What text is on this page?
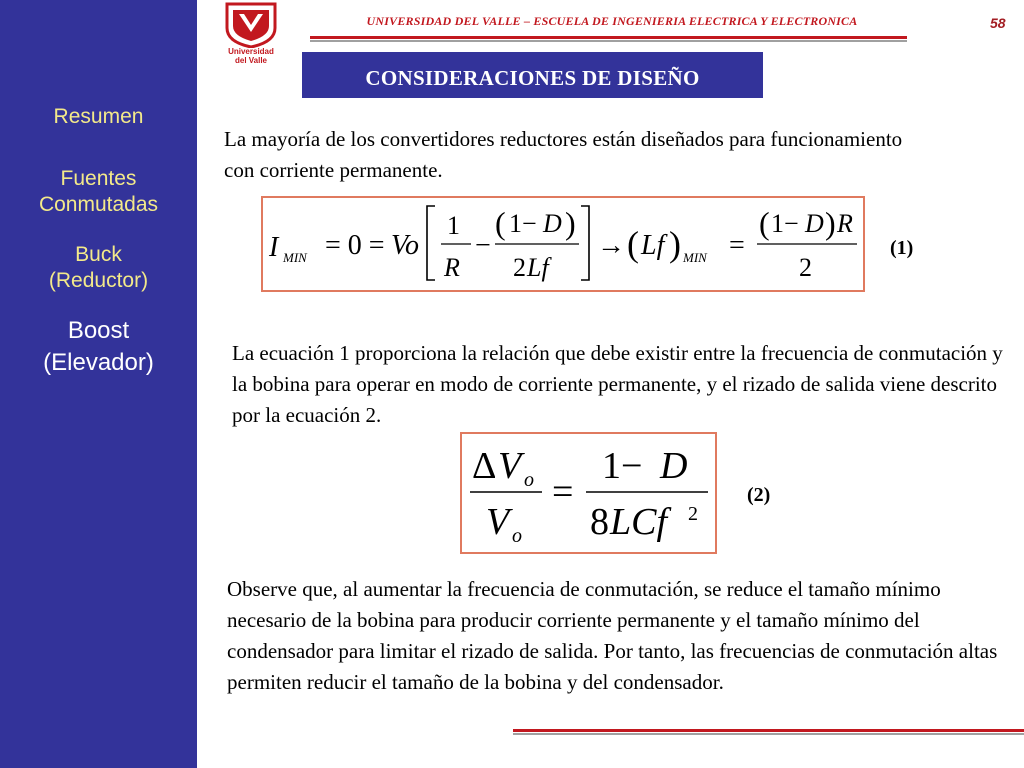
Resumen
Fuentes
Conmutadas
Buck
(Reductor)
Boost
(Elevador)
Universidad
del Valle
UNIVERSIDAD DEL VALLE – ESCUELA DE INGENIERIA ELECTRICA Y ELECTRONICA	58
CONSIDERACIONES DE DISEÑO

La mayoría de los convertidores reductores están diseñados para funcionamiento con corriente permanente.

I MIN = 0 = Vo
1
R
−
( 1− D )
2 Lf
→ ( Lf ) MIN =
( 1− D ) R
2
(1)

La ecuación 1 proporciona la relación que debe existir entre la frecuencia de conmutación y la bobina para operar en modo de corriente permanente, y el rizado de salida viene descrito por la ecuación 2.

Δ V o
V o
=
1− D
8 LCf 2
(2)

Observe que, al aumentar la frecuencia de conmutación, se reduce el tamaño mínimo necesario de la bobina para producir corriente permanente y el tamaño mínimo del condensador para limitar el rizado de salida. Por tanto, las frecuencias de conmutación altas permiten reducir el tamaño de la bobina y del condensador.
